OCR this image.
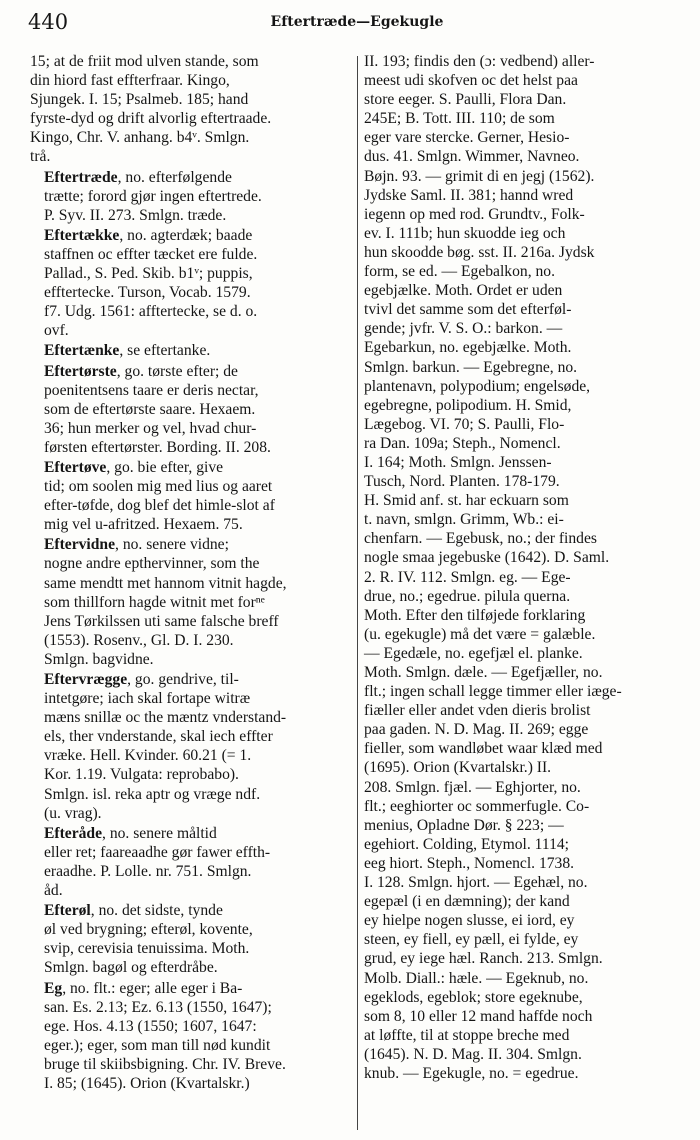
440	Eftertræde—Egekugle
15; at de friit mod ulven stande, som
din hiord fast effterfraar. Kingo,
Sjungek. I. 15; Psalmeb. 185; hand
fyrste-dyd og drift alvorlig eftertraade.
Kingo, Chr. V. anhang. b4ᵛ. Smlgn.
trå.
Eftertræde, no. efterfølgende
trætte; forord gjør ingen eftertrede.
P. Syv. II. 273. Smlgn. træde.
Eftertække, no. agterdæk; baade
staffnen oc effter tæcket ere fulde.
Pallad., S. Ped. Skib. b1ᵛ; puppis,
efftertecke. Turson, Vocab. 1579.
f7. Udg. 1561: afftertecke, se d. o.
ovf.
Eftertænke, se eftertanke.
Eftertørste, go. tørste efter; de
poenitentsens taare er deris nectar,
som de eftertørste saare. Hexaem.
36; hun merker og vel, hvad chur-
førsten eftertørster. Bording. II. 208.
Eftertøve, go. bie efter, give
tid; om soolen mig med lius og aaret
efter-tøfde, dog blef det himle-slot af
mig vel u-afritzed. Hexaem. 75.
Eftervidne, no. senere vidne;
nogne andre epthervinner, som the
same mendtt met hannom vitnit hagde,
som thillforn hagde witnit met forⁿᵉ
Jens Tørkilssen uti same falsche breff
(1553). Rosenv., Gl. D. I. 230.
Smlgn. bagvidne.
Eftervrægge, go. gendrive, til-
intetgøre; iach skal fortape witræ
mæns snillæ oc the mæntz vnderstand-
els, ther vnderstande, skal iech effter
vræke. Hell. Kvinder. 60.21 (= 1.
Kor. 1.19. Vulgata: reprobabo).
Smlgn. isl. reka aptr og vræge ndf.
(u. vrag).
Efteråde, no. senere måltid
eller ret; faareaadhe gør fawer effth-
eraadhe. P. Lolle. nr. 751. Smlgn.
åd.
Efterøl, no. det sidste, tynde
øl ved brygning; efterøl, kovente,
svip, cerevisia tenuissima. Moth.
Smlgn. bagøl og efterdråbe.
Eg, no. flt.: eger; alle eger i Ba-
san. Es. 2.13; Ez. 6.13 (1550, 1647);
ege. Hos. 4.13 (1550; 1607, 1647:
eger.); eger, som man till nød kundit
bruge til skiibsbigning. Chr. IV. Breve.
I. 85; (1645). Orion (Kvartalskr.)
II. 193; findis den (ɔ: vedbend) aller-
meest udi skofven oc det helst paa
store eeger. S. Paulli, Flora Dan.
245E; B. Tott. III. 110; de som
eger vare stercke. Gerner, Hesio-
dus. 41. Smlgn. Wimmer, Navneo.
Bøjn. 93. — grimit di en jegj (1562).
Jydske Saml. II. 381; hannd wred
iegenn op med rod. Grundtv., Folk-
ev. I. 111b; hun skuodde ieg och
hun skoodde bøg. sst. II. 216a. Jydsk
form, se ed. — Egebalkon, no.
egebjælke. Moth. Ordet er uden
tvivl det samme som det efterføl-
gende; jvfr. V. S. O.: barkon. —
Egebarkun, no. egebjælke. Moth.
Smlgn. barkun. — Egebregne, no.
plantenavn, polypodium; engelsøde,
egebregne, polipodium. H. Smid,
Lægebog. VI. 70; S. Paulli, Flo-
ra Dan. 109a; Steph., Nomencl.
I. 164; Moth. Smlgn. Jenssen-
Tusch, Nord. Planten. 178-179.
H. Smid anf. st. har eckuarn som
t. navn, smlgn. Grimm, Wb.: ei-
chenfarn. — Egebusk, no.; der findes
nogle smaa jegebuske (1642). D. Saml.
2. R. IV. 112. Smlgn. eg. — Ege-
drue, no.; egedrue. pilula querna.
Moth. Efter den tilføjede forklaring
(u. egekugle) må det være = galæble.
— Egedæle, no. egefjæl el. planke.
Moth. Smlgn. dæle. — Egefjæller, no.
flt.; ingen schall legge timmer eller iæge-
fiæller eller andet vden dieris brolist
paa gaden. N. D. Mag. II. 269; egge
fieller, som wandløbet waar klæd med
(1695). Orion (Kvartalskr.) II.
208. Smlgn. fjæl. — Eghjorter, no.
flt.; eeghiorter oc sommerfugle. Co-
menius, Opladne Dør. § 223; —
egehiort. Colding, Etymol. 1114;
eeg hiort. Steph., Nomencl. 1738.
I. 128. Smlgn. hjort. — Egehæl, no.
egepæl (i en dæmning); der kand
ey hielpe nogen slusse, ei iord, ey
steen, ey fiell, ey pæll, ei fylde, ey
grud, ey iege hæl. Ranch. 213. Smlgn.
Molb. Diall.: hæle. — Egeknub, no.
egeklods, egeblok; store egeknube,
som 8, 10 eller 12 mand haffde noch
at løffte, til at stoppe breche med
(1645). N. D. Mag. II. 304. Smlgn.
knub. — Egekugle, no. = egedrue.
